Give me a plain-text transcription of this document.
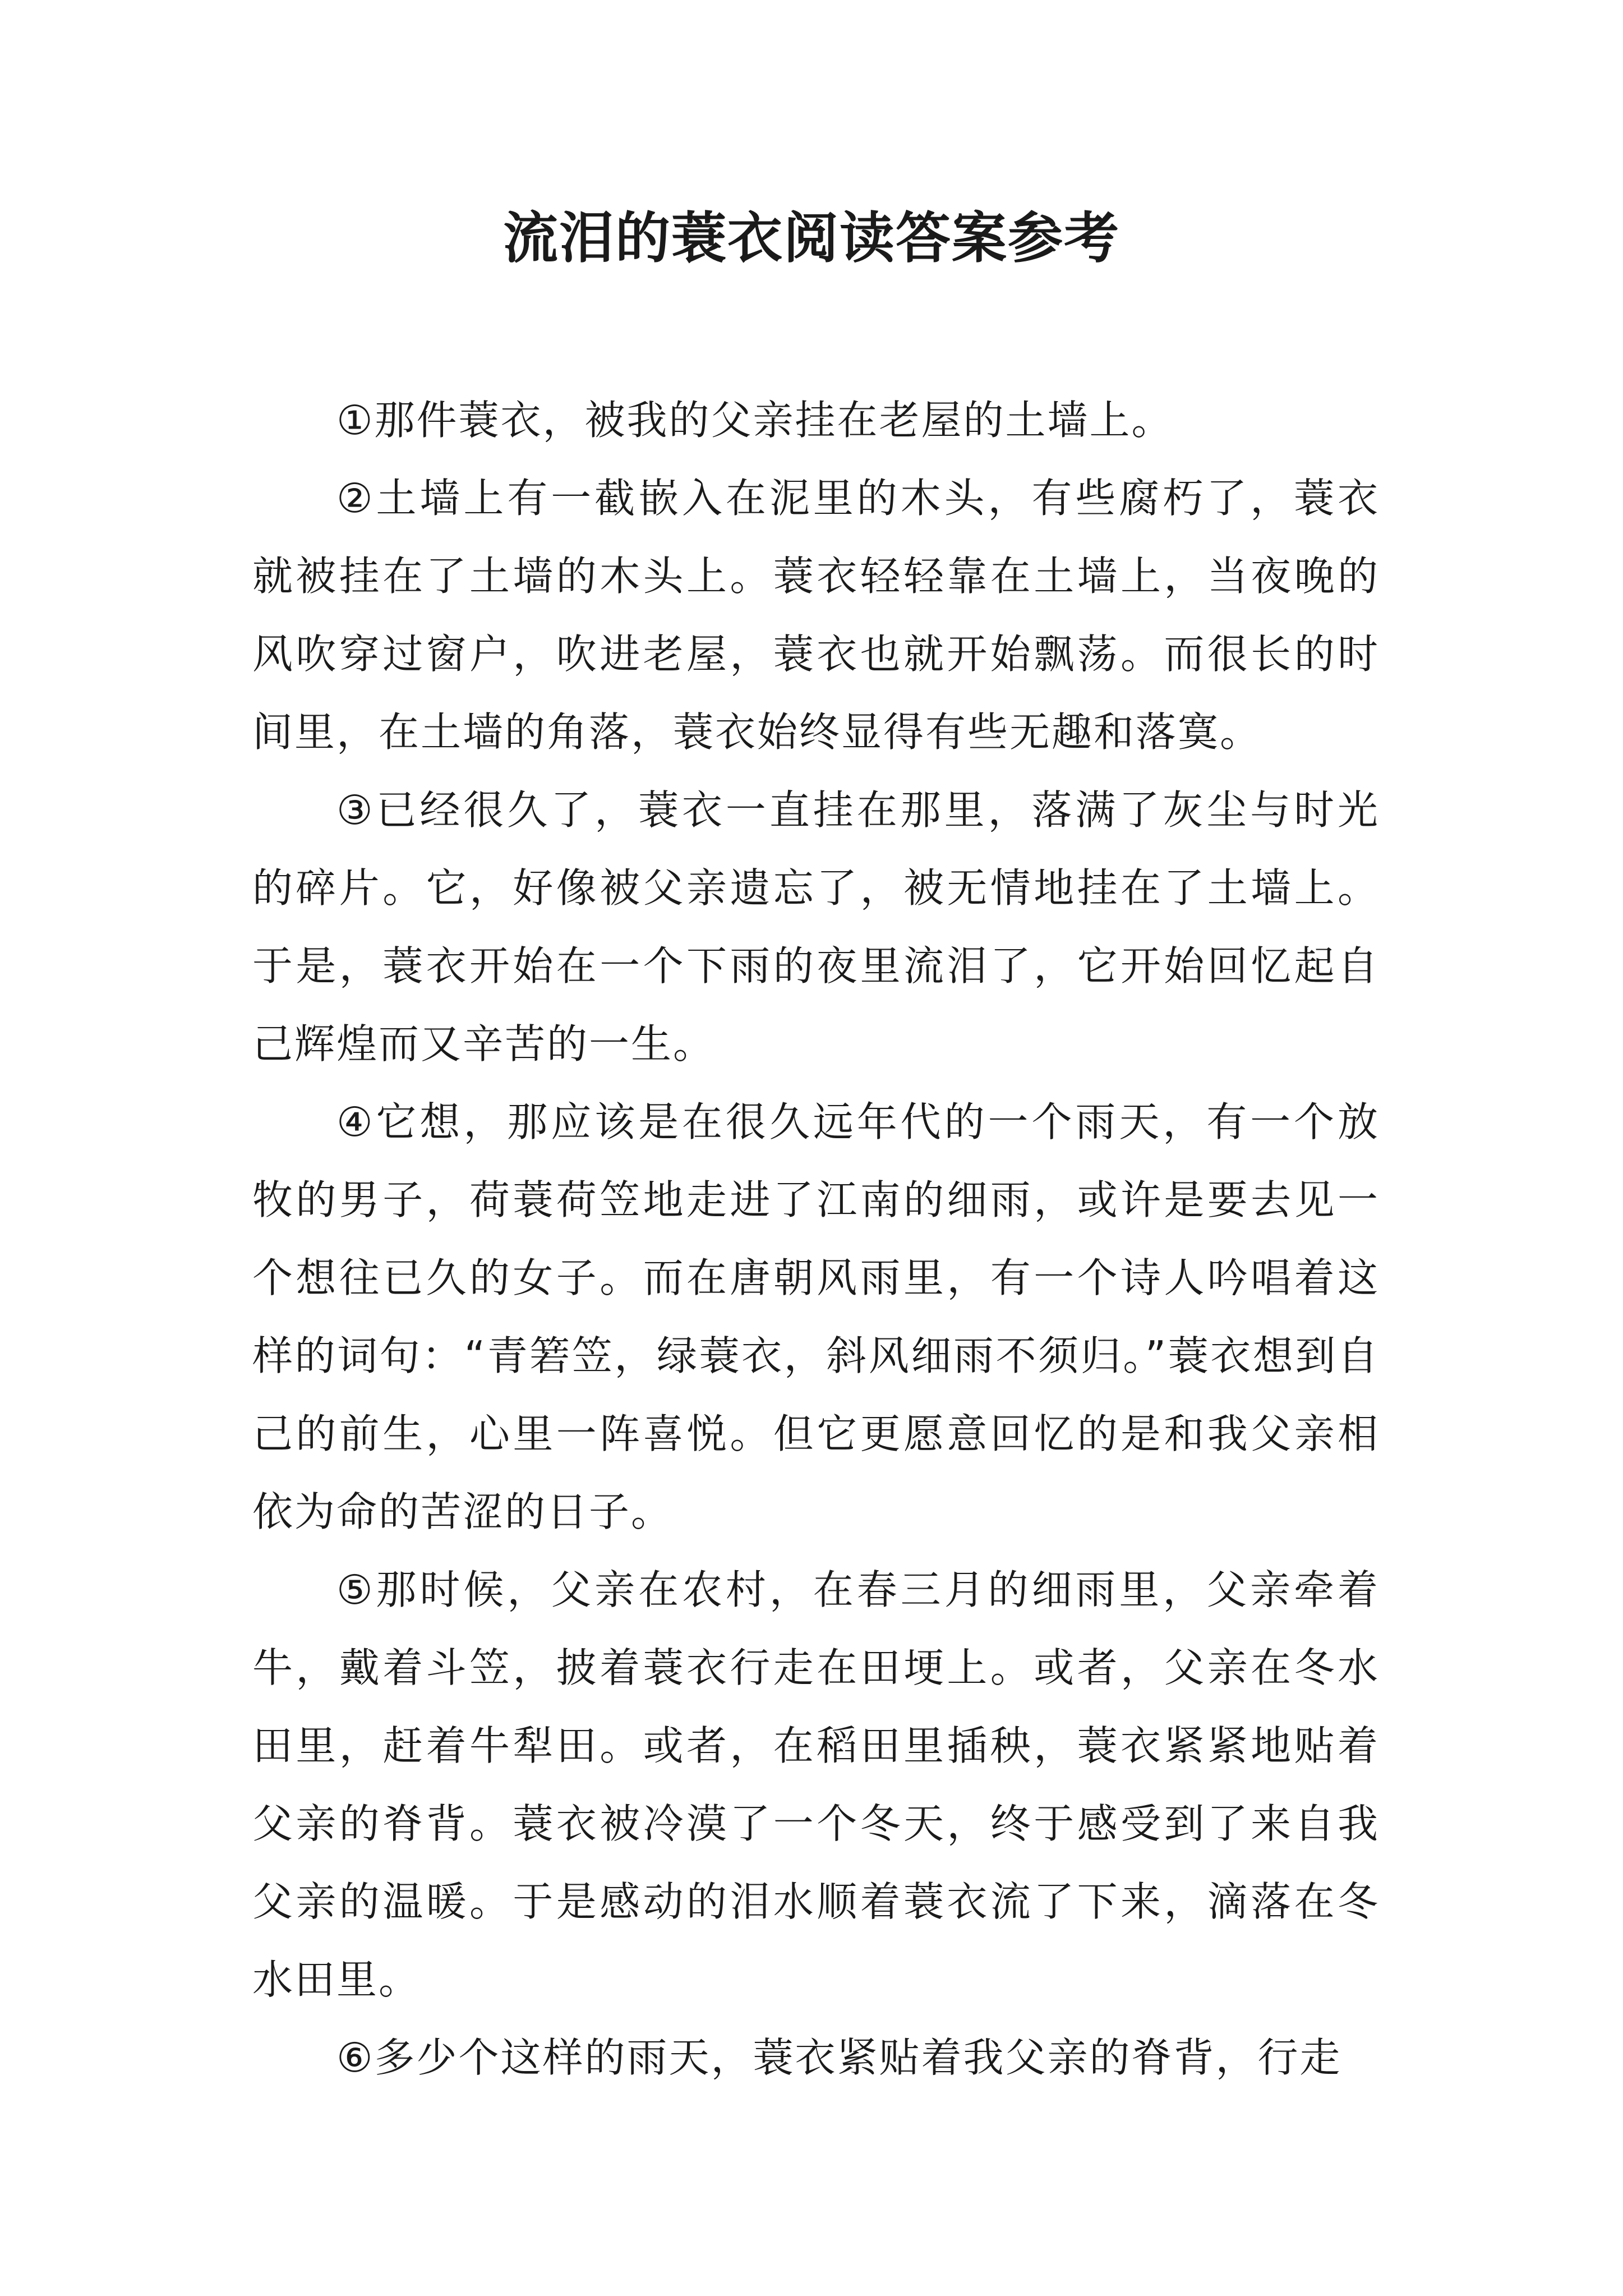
流泪的蓑衣阅读答案参考

①那件蓑衣，被我的父亲挂在老屋的土墙上。

②土墙上有一截嵌入在泥里的木头，有些腐朽了，蓑衣就被挂在了土墙的木头上。蓑衣轻轻靠在土墙上，当夜晚的风吹穿过窗户，吹进老屋，蓑衣也就开始飘荡。而很长的时间里，在土墙的角落，蓑衣始终显得有些无趣和落寞。

③已经很久了，蓑衣一直挂在那里，落满了灰尘与时光的碎片。它，好像被父亲遗忘了，被无情地挂在了土墙上。于是，蓑衣开始在一个下雨的夜里流泪了，它开始回忆起自己辉煌而又辛苦的一生。

④它想，那应该是在很久远年代的一个雨天，有一个放牧的男子，荷蓑荷笠地走进了江南的细雨，或许是要去见一个想往已久的女子。而在唐朝风雨里，有一个诗人吟唱着这样的词句：“青箬笠，绿蓑衣，斜风细雨不须归。”蓑衣想到自己的前生，心里一阵喜悦。但它更愿意回忆的是和我父亲相依为命的苦涩的日子。

⑤那时候，父亲在农村，在春三月的细雨里，父亲牵着牛，戴着斗笠，披着蓑衣行走在田埂上。或者，父亲在冬水田里，赶着牛犁田。或者，在稻田里插秧，蓑衣紧紧地贴着父亲的脊背。蓑衣被冷漠了一个冬天，终于感受到了来自我父亲的温暖。于是感动的泪水顺着蓑衣流了下来，滴落在冬水田里。

⑥多少个这样的雨天，蓑衣紧贴着我父亲的脊背，行走
